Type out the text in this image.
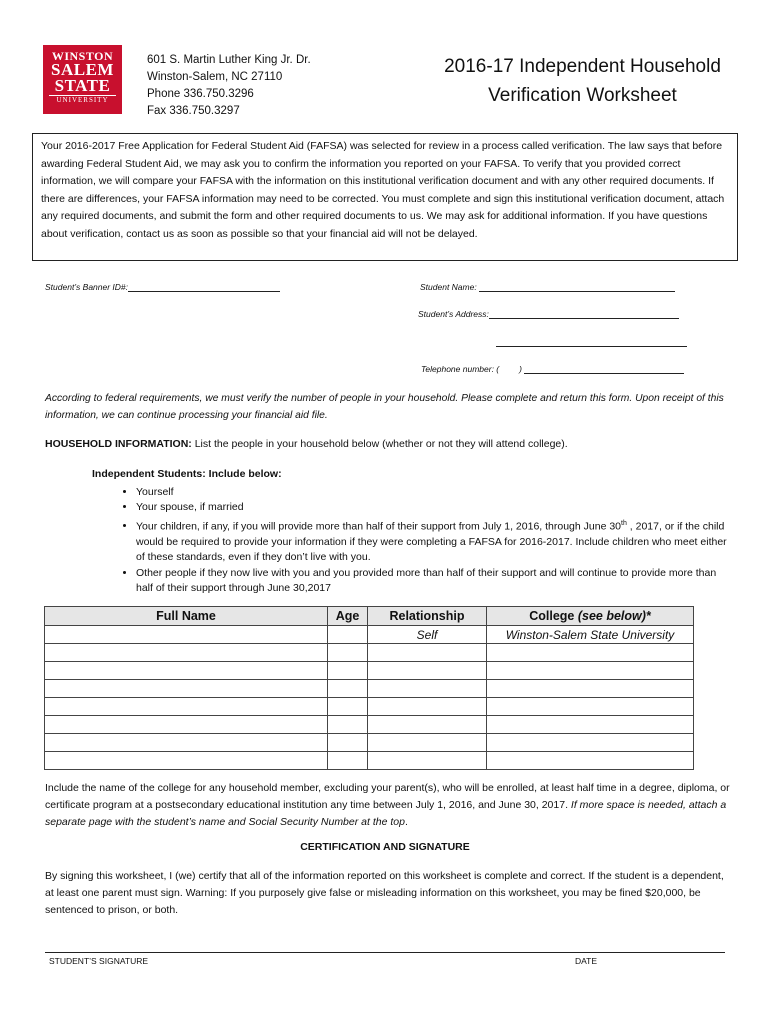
WINSTON
SALEM
STATE
UNIVERSITY
601 S. Martin Luther King Jr. Dr.
Winston-Salem, NC 27110
Phone 336.750.3296
Fax 336.750.3297
2016-17 Independent Household
Verification Worksheet
Your 2016-2017 Free Application for Federal Student Aid (FAFSA) was selected for review in a process called verification. The law says that before awarding Federal Student Aid, we may ask you to confirm the information you reported on your FAFSA. To verify that you provided correct information, we will compare your FAFSA with the information on this institutional verification document and with any other required documents. If there are differences, your FAFSA information may need to be corrected. You must complete and sign this institutional verification document, attach any required documents, and submit the form and other required documents to us. We may ask for additional information. If you have questions about verification, contact us as soon as possible so that your financial aid will not be delayed.
Student’s Banner ID#:	Student Name:
Student’s Address:
Telephone number: ( )
According to federal requirements, we must verify the number of people in your household. Please complete and return this form. Upon receipt of this information, we can continue processing your financial aid file.
HOUSEHOLD INFORMATION: List the people in your household below (whether or not they will attend college).
Independent Students: Include below:
• Yourself
• Your spouse, if married
• Your children, if any, if you will provide more than half of their support from July 1, 2016, through June 30th , 2017, or if the child would be required to provide your information if they were completing a FAFSA for 2016-2017. Include children who meet either of these standards, even if they don’t live with you.
• Other people if they now live with you and you provided more than half of their support and will continue to provide more than half of their support through June 30,2017
Full Name	Age	Relationship	College (see below)*
		Self	Winston-Salem State University

Include the name of the college for any household member, excluding your parent(s), who will be enrolled, at least half time in a degree, diploma, or certificate program at a postsecondary educational institution any time between July 1, 2016, and June 30, 2017. If more space is needed, attach a separate page with the student’s name and Social Security Number at the top.
CERTIFICATION AND SIGNATURE
By signing this worksheet, I (we) certify that all of the information reported on this worksheet is complete and correct. If the student is a dependent, at least one parent must sign. Warning: If you purposely give false or misleading information on this worksheet, you may be fined $20,000, be sentenced to prison, or both.
STUDENT’S SIGNATURE	DATE
